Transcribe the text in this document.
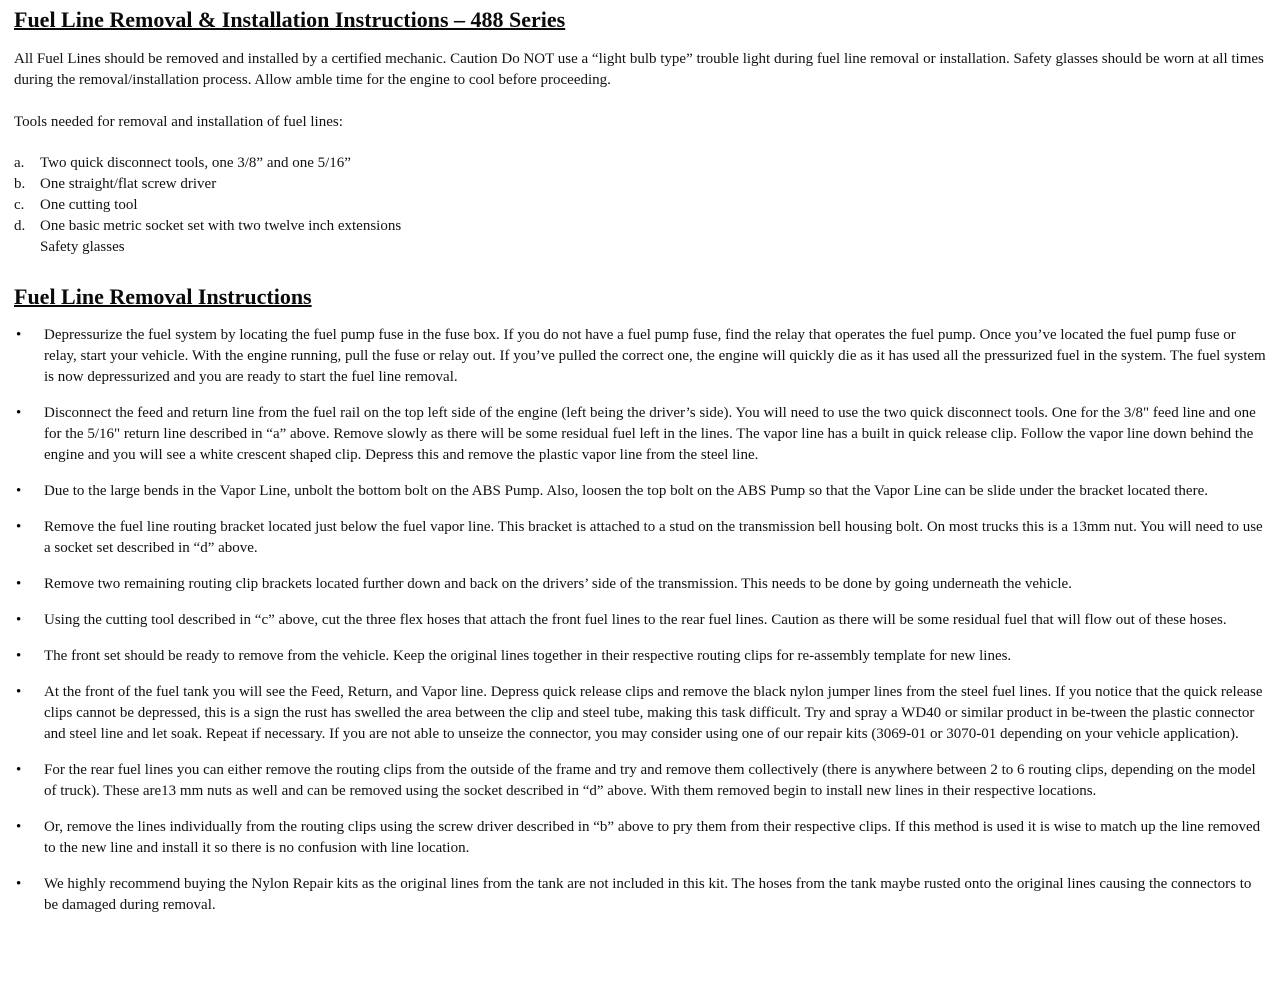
Fuel Line Removal & Installation Instructions – 488 Series

All Fuel Lines should be removed and installed by a certified mechanic. Caution Do NOT use a “light bulb type” trouble light during fuel line removal or installation. Safety glasses should be worn at all times during the removal/installation process. Allow amble time for the engine to cool before proceeding.

Tools needed for removal and installation of fuel lines:

a.	Two quick disconnect tools, one 3/8” and one 5/16”
b. One straight/flat screw driver
c.	One cutting tool
d. One basic metric socket set with two twelve inch extensions
Safety glasses
Fuel Line Removal Instructions
•	Depressurize the fuel system by locating the fuel pump fuse in the fuse box. If you do not have a fuel pump fuse, find the relay that operates the fuel pump. Once you’ve located the fuel pump fuse or relay, start your vehicle. With the engine running, pull the fuse or relay out. If you’ve pulled the correct one, the engine will quickly die as it has used all the pressurized fuel in the system. The fuel system is now depressurized and you are ready to start the fuel line removal.
•	Disconnect the feed and return line from the fuel rail on the top left side of the engine (left being the driver’s side). You will need to use the two quick disconnect tools. One for the 3/8" feed line and one for the 5/16" return line described in “a” above. Remove slowly as there will be some residual fuel left in the lines. The vapor line has a built in quick release clip. Follow the vapor line down behind the engine and you will see a white crescent shaped clip. Depress this and remove the plastic vapor line from the steel line.
•	Due to the large bends in the Vapor Line, unbolt the bottom bolt on the ABS Pump. Also, loosen the top bolt on the ABS Pump so that the Vapor Line can be slide under the bracket located there.
•	Remove the fuel line routing bracket located just below the fuel vapor line. This bracket is attached to a stud on the transmission bell housing bolt. On most trucks this is a 13mm nut. You will need to use a socket set described in “d” above.
•	Remove two remaining routing clip brackets located further down and back on the drivers’ side of the transmission. This needs to be done by going underneath the vehicle.
•	Using the cutting tool described in “c” above, cut the three flex hoses that attach the front fuel lines to the rear fuel lines. Caution as there will be some residual fuel that will flow out of these hoses.
•	The front set should be ready to remove from the vehicle. Keep the original lines together in their respective routing clips for re-assembly template for new lines.
•	At the front of the fuel tank you will see the Feed, Return, and Vapor line. Depress quick release clips and remove the black nylon jumper lines from the steel fuel lines. If you notice that the quick release clips cannot be depressed, this is a sign the rust has swelled the area between the clip and steel tube, making this task difficult. Try and spray a WD40 or similar product in be-tween the plastic connector and steel line and let soak. Repeat if necessary. If you are not able to unseize the connector, you may consider using one of our repair kits (3069-01 or 3070-01 depending on your vehicle application).
•	For the rear fuel lines you can either remove the routing clips from the outside of the frame and try and remove them collectively (there is anywhere between 2 to 6 routing clips, depending on the model of truck). These are13 mm nuts as well and can be removed using the socket described in “d” above. With them removed begin to install new lines in their respective locations.
•	Or, remove the lines individually from the routing clips using the screw driver described in “b” above to pry them from their respective clips. If this method is used it is wise to match up the line removed to the new line and install it so there is no confusion with line location.
•	We highly recommend buying the Nylon Repair kits as the original lines from the tank are not included in this kit. The hoses from the tank maybe rusted onto the original lines causing the connectors to be damaged during removal.
